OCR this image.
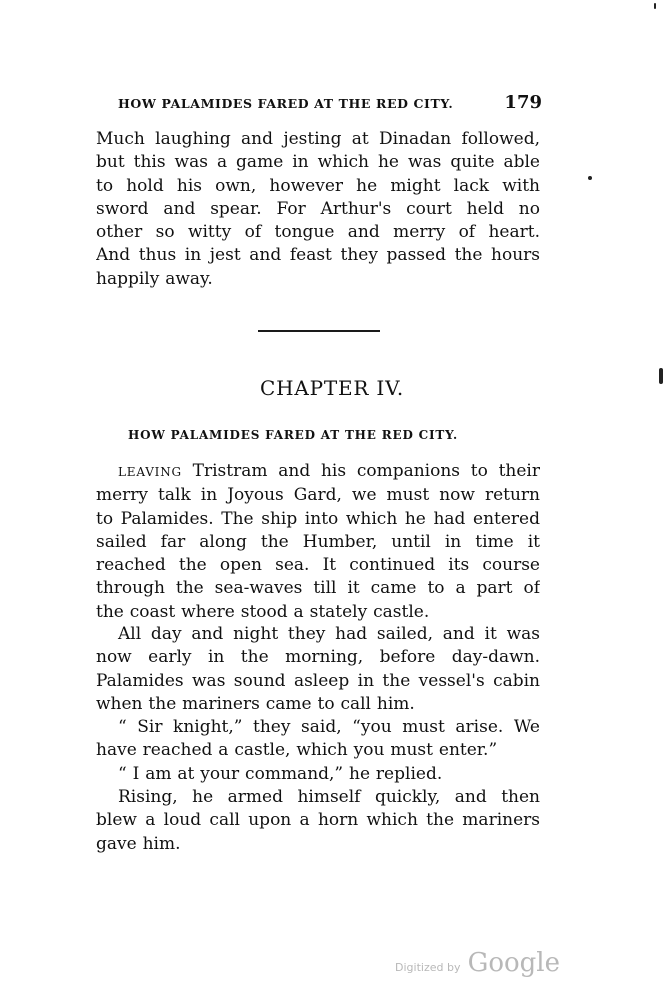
HOW PALAMIDES FARED AT THE RED CITY.	179
Much laughing and jesting at Dinadan followed,
but this was a game in which he was quite able
to hold his own, however he might lack with
sword and spear. For Arthur's court held no
other so witty of tongue and merry of heart.
And thus in jest and feast they passed the hours
happily away.
CHAPTER IV.
HOW PALAMIDES FARED AT THE RED CITY.
LEAVING Tristram and his companions to their
merry talk in Joyous Gard, we must now return
to Palamides. The ship into which he had entered
sailed far along the Humber, until in time it
reached the open sea. It continued its course
through the sea-waves till it came to a part of
the coast where stood a stately castle.
All day and night they had sailed, and it was
now early in the morning, before day-dawn.
Palamides was sound asleep in the vessel's cabin
when the mariners came to call him.
“ Sir knight,” they said, “you must arise. We
have reached a castle, which you must enter.”
“ I am at your command,” he replied.
Rising, he armed himself quickly, and then
blew a loud call upon a horn which the mariners
gave him.
Digitized by Google
